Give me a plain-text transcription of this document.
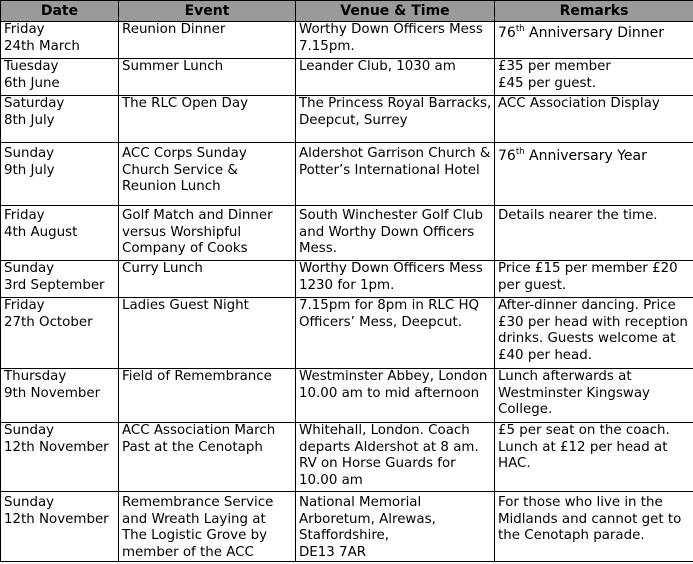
Date	Event	Venue & Time	Remarks
Friday
24th March	Reunion Dinner	Worthy Down Officers Mess 7.15pm.	76th Anniversary Dinner
Tuesday
6th June	Summer Lunch	Leander Club, 1030 am	£35 per member
£45 per guest.
Saturday
8th July	The RLC Open Day	The Princess Royal Barracks, Deepcut, Surrey	ACC Association Display
Sunday
9th July	ACC Corps Sunday Church Service & Reunion Lunch	Aldershot Garrison Church & Potter’s International Hotel	76th Anniversary Year
Friday
4th August	Golf Match and Dinner versus Worshipful Company of Cooks	South Winchester Golf Club and Worthy Down Officers Mess.	Details nearer the time.
Sunday
3rd September	Curry Lunch	Worthy Down Officers Mess 1230 for 1pm.	Price £15 per member £20 per guest.
Friday
27th October	Ladies Guest Night	7.15pm for 8pm in RLC HQ Officers’ Mess, Deepcut.	After-dinner dancing. Price £30 per head with reception drinks. Guests welcome at £40 per head.
Thursday
9th November	Field of Remembrance	Westminster Abbey, London 10.00 am to mid afternoon	Lunch afterwards at Westminster Kingsway College.
Sunday
12th November	ACC Association March Past at the Cenotaph	Whitehall, London. Coach departs Aldershot at 8 am. RV on Horse Guards for 10.00 am	£5 per seat on the coach. Lunch at £12 per head at HAC.
Sunday
12th November	Remembrance Service and Wreath Laying at The Logistic Grove by member of the ACC	National Memorial Arboretum, Alrewas, Staffordshire,
DE13 7AR	For those who live in the Midlands and cannot get to the Cenotaph parade.
